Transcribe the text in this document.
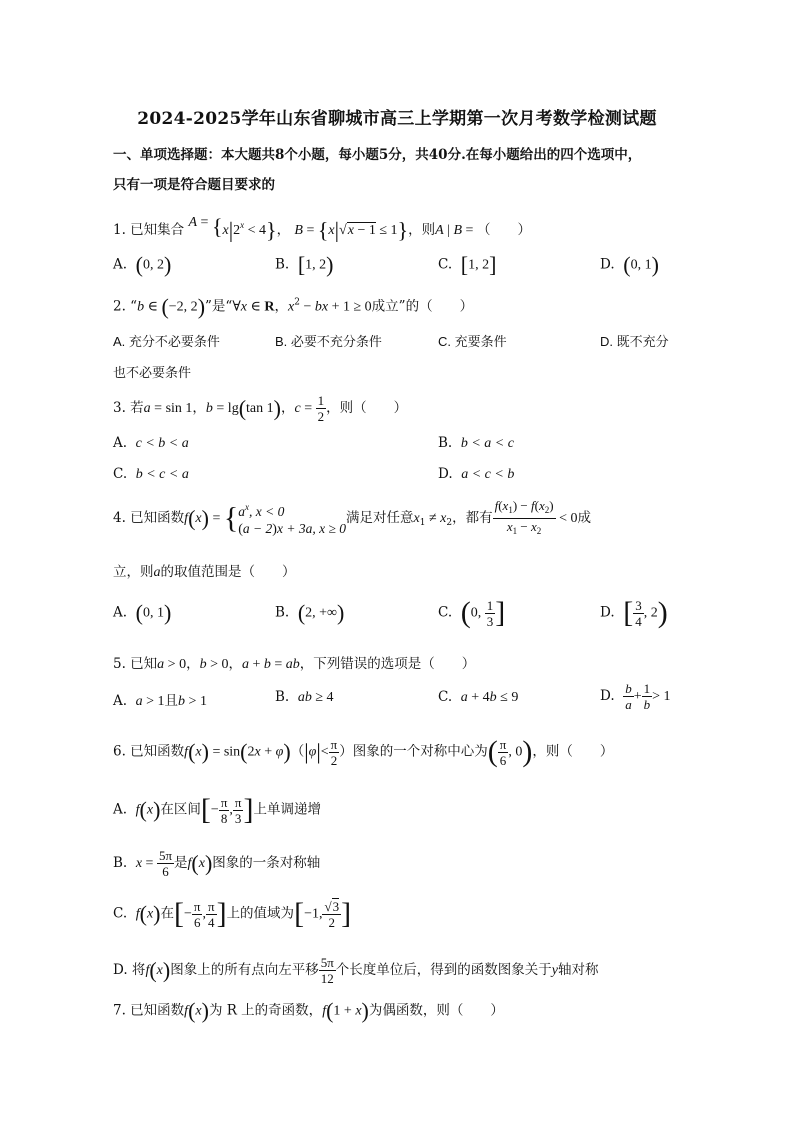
2024-2025学年山东省聊城市高三上学期第一次月考数学检测试题
一、单项选择题：本大题共8个小题，每小题5分，共40分.在每小题给出的四个选项中，
只有一项是符合题目要求的
1. 已知集合 $A = \{x|2^x < 4\}$， B = {x|√x − 1 ≤ 1}，则A | B = （　　）
A. (0, 2)	B. [1, 2)	C. [1, 2]	D. (0, 1)
2. “b ∈ (−2, 2)”是“∀x ∈ R，$x^2$ − bx + 1 ≥ 0成立”的（　　）
A. 充分不必要条件	B. 必要不充分条件	C. 充要条件	D. 既不充分
也不必要条件
3. 若a = sin 1，b = lg(tan 1)，$c = \frac{1}{2}$ ，则（　　）
A. c < b < a	B. b < a < c
C. b < c < a	D. a < c < b
4. 已知函数$f(x) = \{a^x$, x < 0
(a − 2)x + 3a, x ≥ 0满足对任意$x_1 \ne x_2$，都有 $\frac{f(x_1) - f(x_2)}{x_1 - x_2} < 0$成
立，则a的取值范围是（　　）
A. (0, 1)	B. (2, +∞)	C. (0, $\frac{1}{3}$ ]	D. [ $\frac{3}{4}$ , 2)
5. 已知a > 0，b > 0，a + b = ab，下列错误的选项是（　　）
A. a > 1且b > 1	B. ab ≥ 4	C. a + 4b ≤ 9	D. $\frac{b}{a} + \frac{1}{b} > 1$
6. 已知函数$f(x) = \sin(2x + \varphi)(|\varphi|< \frac{\pi}{2}$ ）图象的一个对称中心为( $\frac{\pi}{6}$ , 0)，则（　　）
A. f(x)在区间[− $\frac{\pi}{8}$ , $\frac{\pi}{3}$ ]上单调递增
B. $x = \frac{5\pi}{6}$ 是f(x)图象的一条对称轴
C. f(x)在[− $\frac{\pi}{6}$ , $\frac{\pi}{4}$ ]上的值域为[−1, $\frac{√3}{2}$ ]
D. 将f(x)图象上的所有点向左平移 $\frac{5\pi}{12}$ 个长度单位后，得到的函数图象关于y轴对称
7. 已知函数f(x)为 R 上的奇函数，f(1 + x)为偶函数，则（　　）
